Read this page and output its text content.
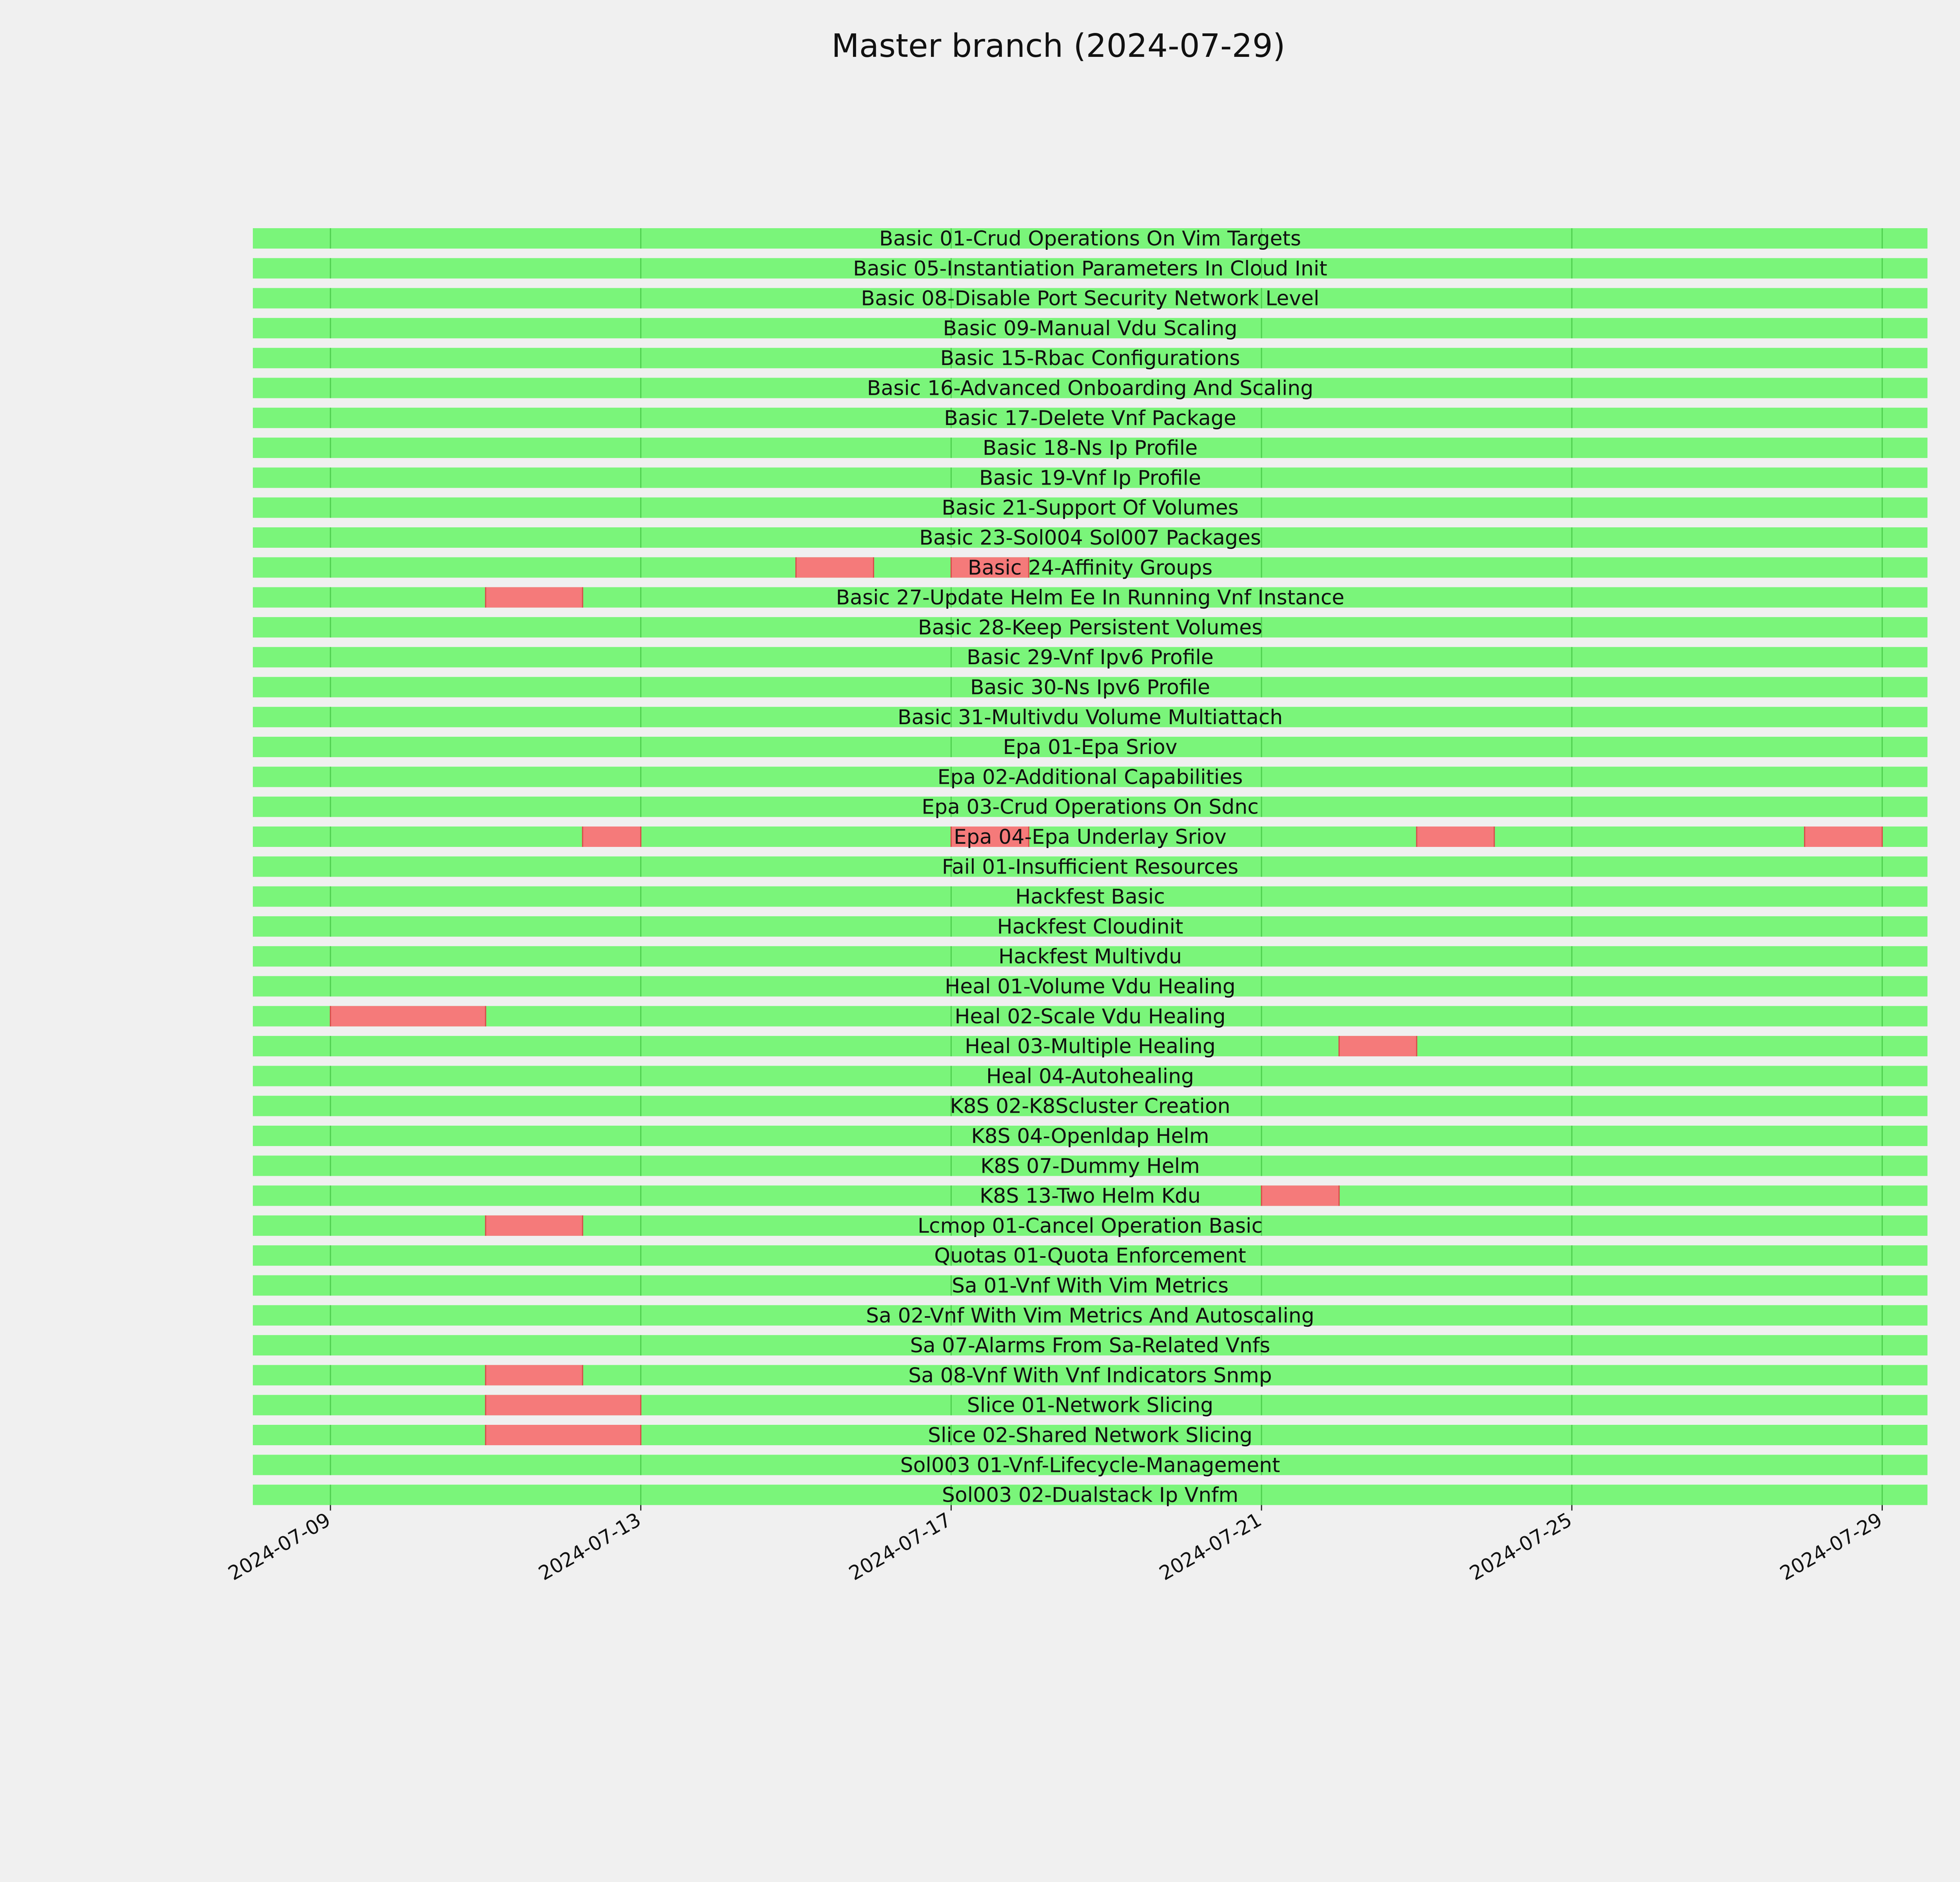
Master branch (2024-07-29)
Basic 01-Crud Operations On Vim Targets
Basic 05-Instantiation Parameters In Cloud Init
Basic 08-Disable Port Security Network Level
Basic 09-Manual Vdu Scaling
Basic 15-Rbac Configurations
Basic 16-Advanced Onboarding And Scaling
Basic 17-Delete Vnf Package
Basic 18-Ns Ip Profile
Basic 19-Vnf Ip Profile
Basic 21-Support Of Volumes
Basic 23-Sol004 Sol007 Packages
Basic 24-Affinity Groups
Basic 27-Update Helm Ee In Running Vnf Instance
Basic 28-Keep Persistent Volumes
Basic 29-Vnf Ipv6 Profile
Basic 30-Ns Ipv6 Profile
Basic 31-Multivdu Volume Multiattach
Epa 01-Epa Sriov
Epa 02-Additional Capabilities
Epa 03-Crud Operations On Sdnc
Epa 04-Epa Underlay Sriov
Fail 01-Insufficient Resources
Hackfest Basic
Hackfest Cloudinit
Hackfest Multivdu
Heal 01-Volume Vdu Healing
Heal 02-Scale Vdu Healing
Heal 03-Multiple Healing
Heal 04-Autohealing
K8S 02-K8Scluster Creation
K8S 04-Openldap Helm
K8S 07-Dummy Helm
K8S 13-Two Helm Kdu
Lcmop 01-Cancel Operation Basic
Quotas 01-Quota Enforcement
Sa 01-Vnf With Vim Metrics
Sa 02-Vnf With Vim Metrics And Autoscaling
Sa 07-Alarms From Sa-Related Vnfs
Sa 08-Vnf With Vnf Indicators Snmp
Slice 01-Network Slicing
Slice 02-Shared Network Slicing
Sol003 01-Vnf-Lifecycle-Management
Sol003 02-Dualstack Ip Vnfm
2024-07-09	2024-07-13	2024-07-17	2024-07-21	2024-07-25	2024-07-29
